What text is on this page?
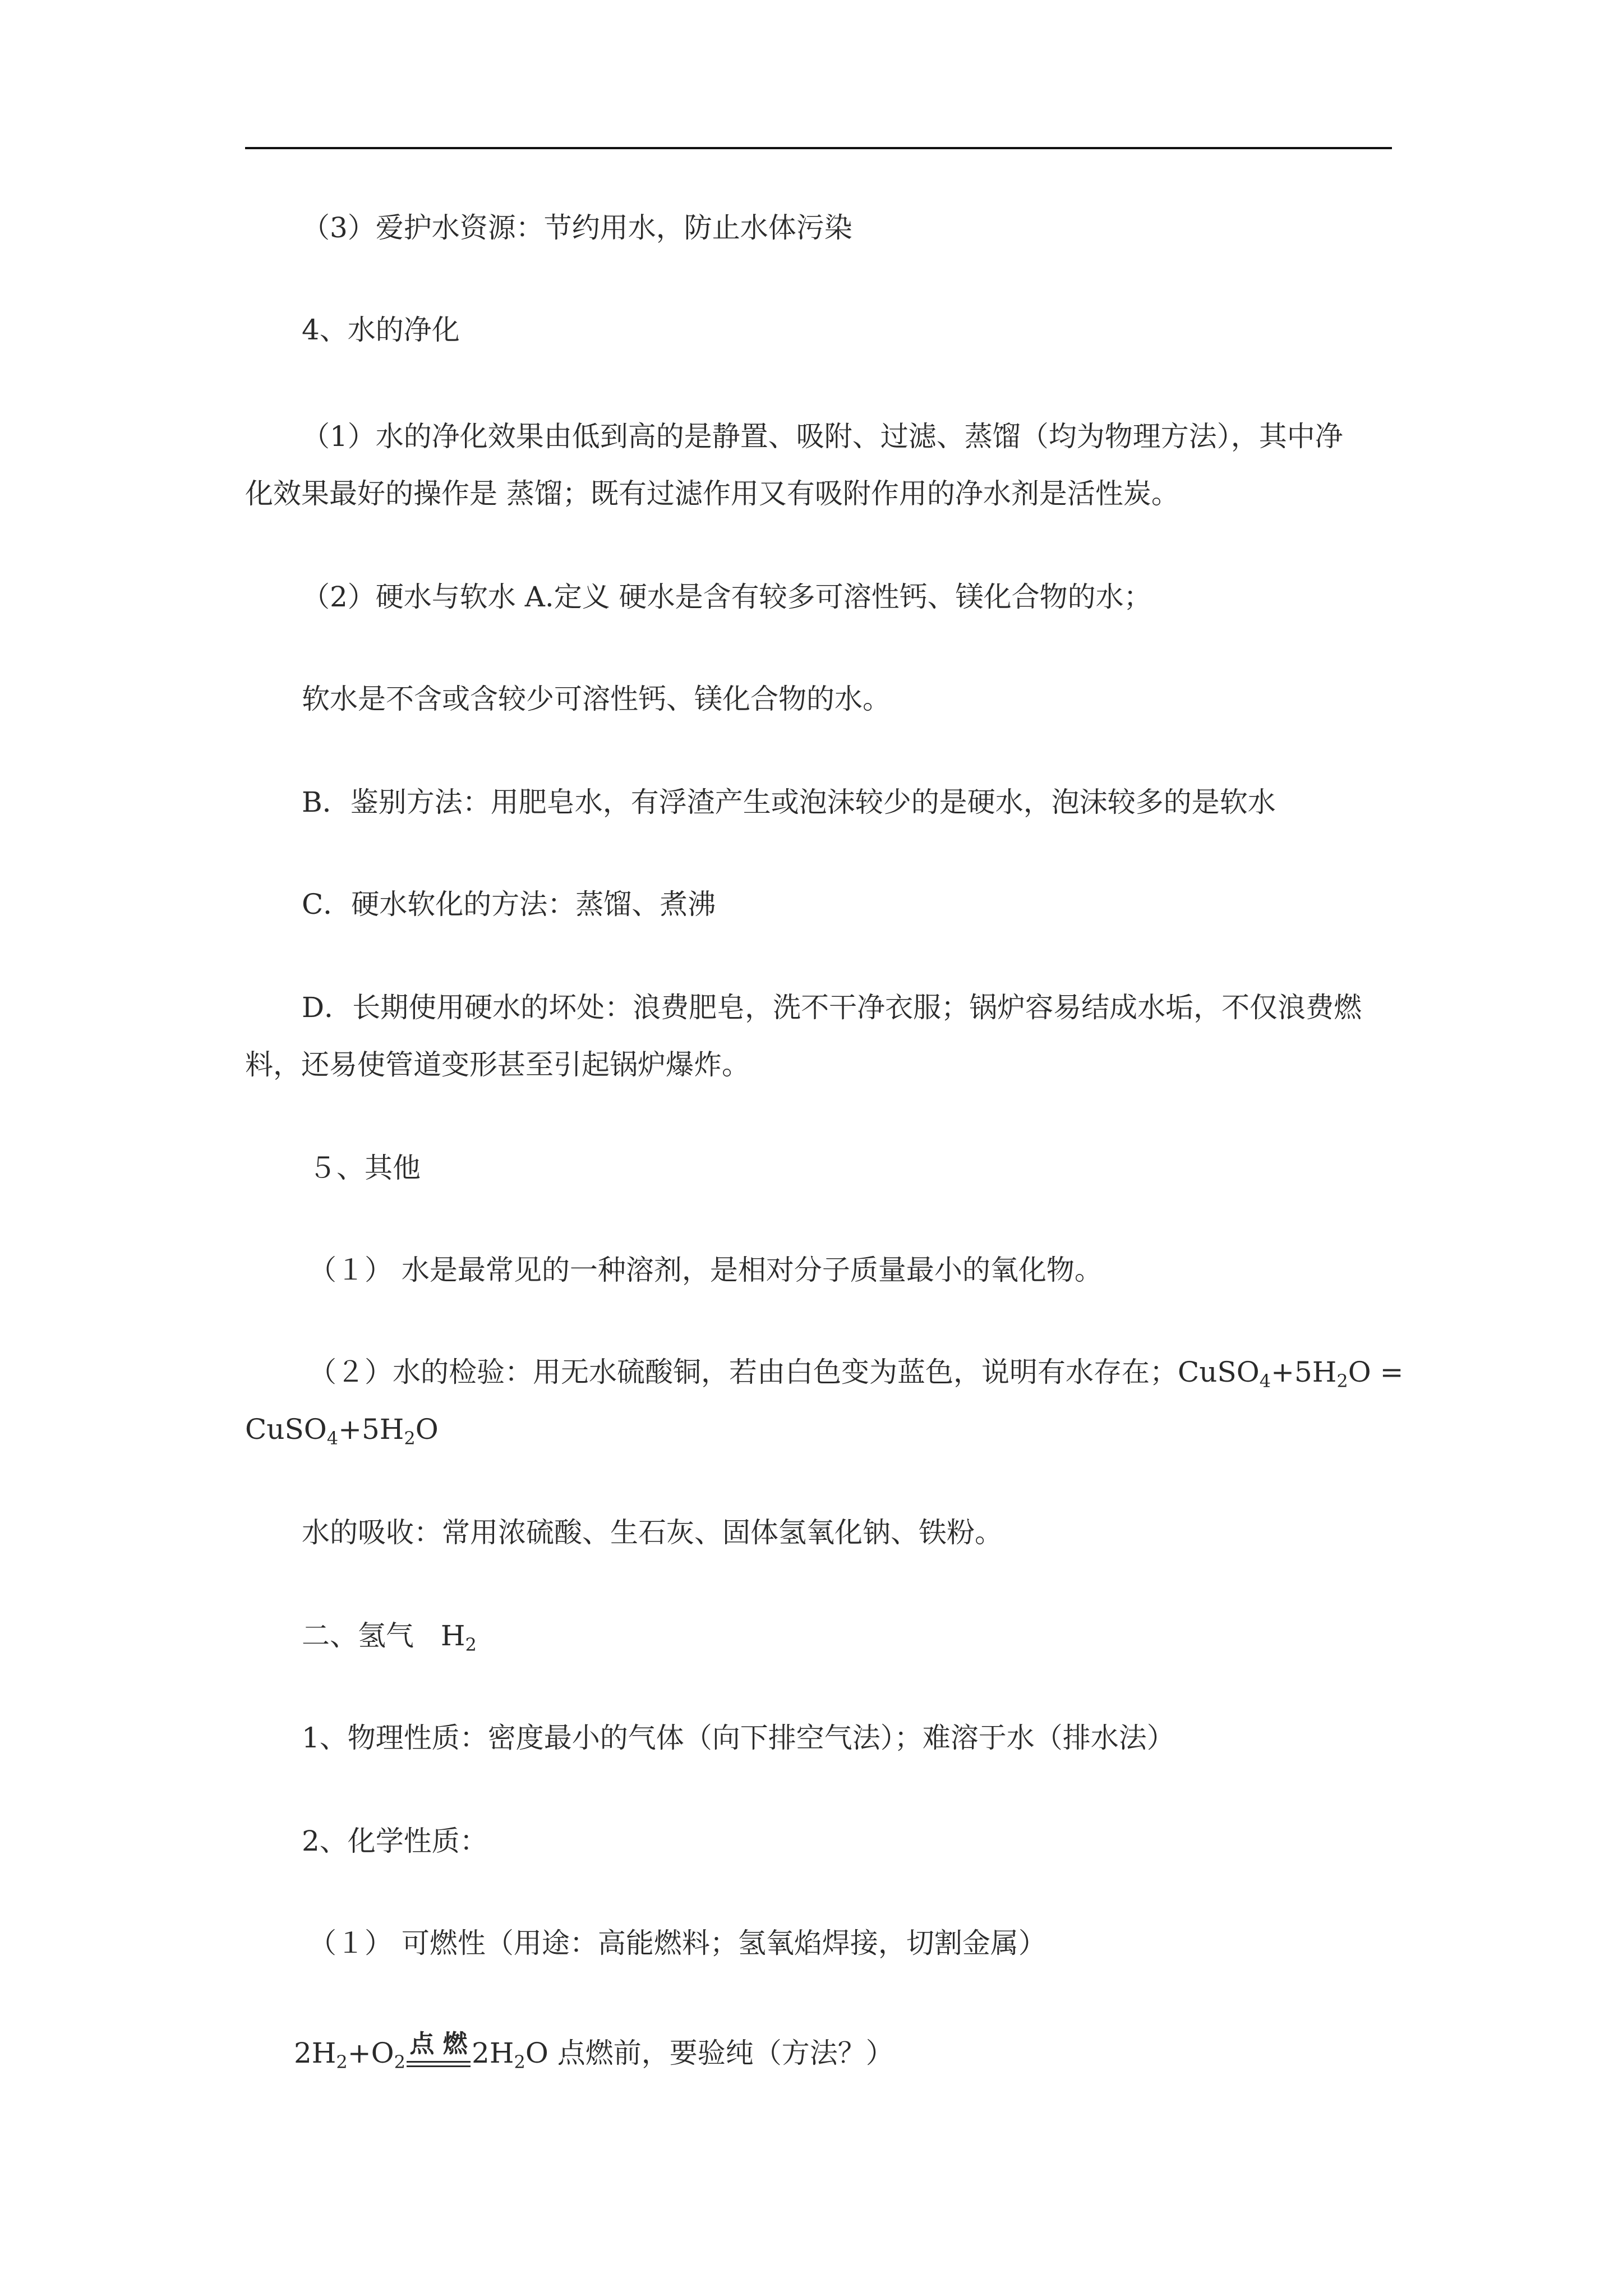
（3）爱护水资源：节约用水，防止水体污染
4、水的净化
（1）水的净化效果由低到高的是静置、吸附、过滤、蒸馏（均为物理方法），其中净
化效果最好的操作是 蒸馏；既有过滤作用又有吸附作用的净水剂是活性炭。
（2）硬水与软水 A.定义 硬水是含有较多可溶性钙、镁化合物的水；
软水是不含或含较少可溶性钙、镁化合物的水。
B．鉴别方法：用肥皂水，有浮渣产生或泡沫较少的是硬水，泡沫较多的是软水
C．硬水软化的方法：蒸馏、煮沸
D．长期使用硬水的坏处：浪费肥皂，洗不干净衣服；锅炉容易结成水垢，不仅浪费燃
料，还易使管道变形甚至引起锅炉爆炸。
５、其他
（１） 水是最常见的一种溶剂，是相对分子质量最小的氧化物。
（２）水的检验：用无水硫酸铜，若由白色变为蓝色，说明有水存在；$CuSO_4+5H_2O$ =
$CuSO_4+5H_2O$
水的吸收：常用浓硫酸、生石灰、固体氢氧化钠、铁粉。
二、氢气 $H_2$
1、物理性质：密度最小的气体（向下排空气法）；难溶于水（排水法）
2、化学性质：
（１） 可燃性（用途：高能燃料；氢氧焰焊接，切割金属）
$2H_2+O_2$
点 燃 $2H_2O$ 点燃前，要验纯（方法？）
